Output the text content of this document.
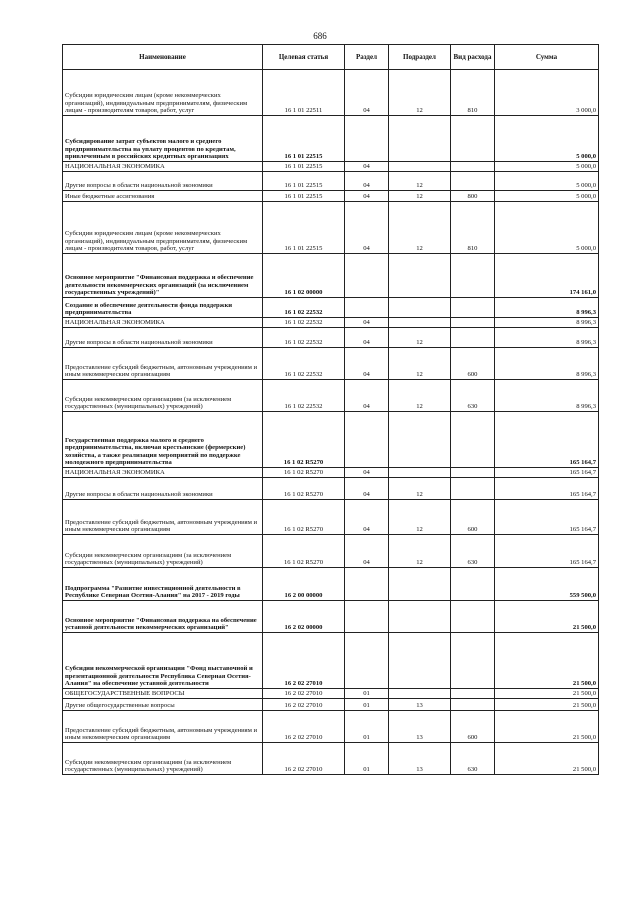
686
Наименование	Целевая статья	Раздел	Подраздел	Вид расхода	Сумма
Субсидии юридическим лицам (кроме некоммерческих организаций), индивидуальным предпринимателям, физическим лицам - производителям товаров, работ, услуг	16 1 01 22511	04	12	810	3 000,0
Субсидирование затрат субъектов малого и среднего предпринимательства на уплату процентов по кредитам, привлеченным в российских кредитных организациях	16 1 01 22515				5 000,0
НАЦИОНАЛЬНАЯ ЭКОНОМИКА	16 1 01 22515	04			5 000,0
Другие вопросы в области национальной экономики	16 1 01 22515	04	12		5 000,0
Иные бюджетные ассигнования	16 1 01 22515	04	12	800	5 000,0
Субсидии юридическим лицам (кроме некоммерческих организаций), индивидуальным предпринимателям, физическим лицам - производителям товаров, работ, услуг	16 1 01 22515	04	12	810	5 000,0
Основное мероприятие "Финансовая поддержка и обеспечение деятельности некоммерческих организаций (за исключением государственных учреждений)"	16 1 02 00000				174 161,0
Создание и обеспечение деятельности фонда поддержки предпринимательства	16 1 02 22532				8 996,3
НАЦИОНАЛЬНАЯ ЭКОНОМИКА	16 1 02 22532	04			8 996,3
Другие вопросы в области национальной экономики	16 1 02 22532	04	12		8 996,3
Предоставление субсидий бюджетным, автономным учреждениям и иным некоммерческим организациям	16 1 02 22532	04	12	600	8 996,3
Субсидии некоммерческим организациям (за исключением государственных (муниципальных) учреждений)	16 1 02 22532	04	12	630	8 996,3
Государственная поддержка малого и среднего предпринимательства, включая крестьянские (фермерские) хозяйства, а также реализация мероприятий по поддержке молодежного предпринимательства	16 1 02 R5270				165 164,7
НАЦИОНАЛЬНАЯ ЭКОНОМИКА	16 1 02 R5270	04			165 164,7
Другие вопросы в области национальной экономики	16 1 02 R5270	04	12		165 164,7
Предоставление субсидий бюджетным, автономным учреждениям и иным некоммерческим организациям	16 1 02 R5270	04	12	600	165 164,7
Субсидии некоммерческим организациям (за исключением государственных (муниципальных) учреждений)	16 1 02 R5270	04	12	630	165 164,7
Подпрограмма "Развитие инвестиционной деятельности в Республике Северная Осетия-Алания" на 2017 - 2019 годы	16 2 00 00000				559 500,0
Основное мероприятие "Финансовая поддержка на обеспечение уставной деятельности некоммерческих организаций"	16 2 02 00000				21 500,0
Субсидии некоммерческой организации "Фонд выставочной и презентационной деятельности Республика Северная Осетия-Алания" на обеспечение уставной деятельности	16 2 02 27010				21 500,0
ОБЩЕГОСУДАРСТВЕННЫЕ ВОПРОСЫ	16 2 02 27010	01			21 500,0
Другие общегосударственные вопросы	16 2 02 27010	01	13		21 500,0
Предоставление субсидий бюджетным, автономным учреждениям и иным некоммерческим организациям	16 2 02 27010	01	13	600	21 500,0
Субсидии некоммерческим организациям (за исключением государственных (муниципальных) учреждений)	16 2 02 27010	01	13	630	21 500,0
